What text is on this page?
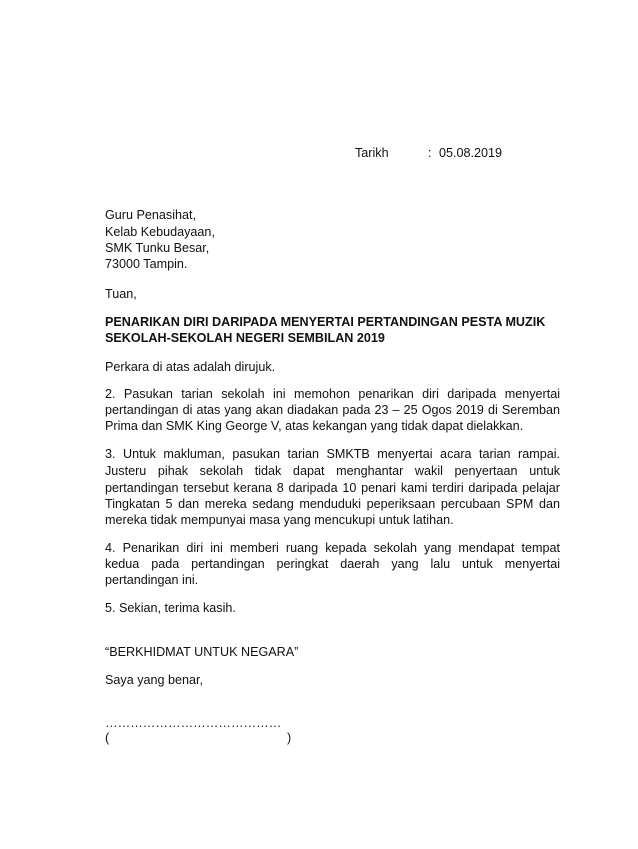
Tarikh	: 05.08.2019
Guru Penasihat,
Kelab Kebudayaan,
SMK Tunku Besar,
73000 Tampin.
Tuan,
PENARIKAN DIRI DARIPADA MENYERTAI PERTANDINGAN PESTA MUZIK
SEKOLAH-SEKOLAH NEGERI SEMBILAN 2019
Perkara di atas adalah dirujuk.
2. Pasukan tarian sekolah ini memohon penarikan diri daripada menyertai
pertandingan di atas yang akan diadakan pada 23 – 25 Ogos 2019 di Seremban
Prima dan SMK King George V, atas kekangan yang tidak dapat dielakkan.
3. Untuk makluman, pasukan tarian SMKTB menyertai acara tarian rampai.
Justeru pihak sekolah tidak dapat menghantar wakil penyertaan untuk
pertandingan tersebut kerana 8 daripada 10 penari kami terdiri daripada pelajar
Tingkatan 5 dan mereka sedang menduduki peperiksaan percubaan SPM dan
mereka tidak mempunyai masa yang mencukupi untuk latihan.
4. Penarikan diri ini memberi ruang kepada sekolah yang mendapat tempat
kedua pada pertandingan peringkat daerah yang lalu untuk menyertai
pertandingan ini.
5. Sekian, terima kasih.
“BERKHIDMAT UNTUK NEGARA”
Saya yang benar,
……………………………………
(	)
